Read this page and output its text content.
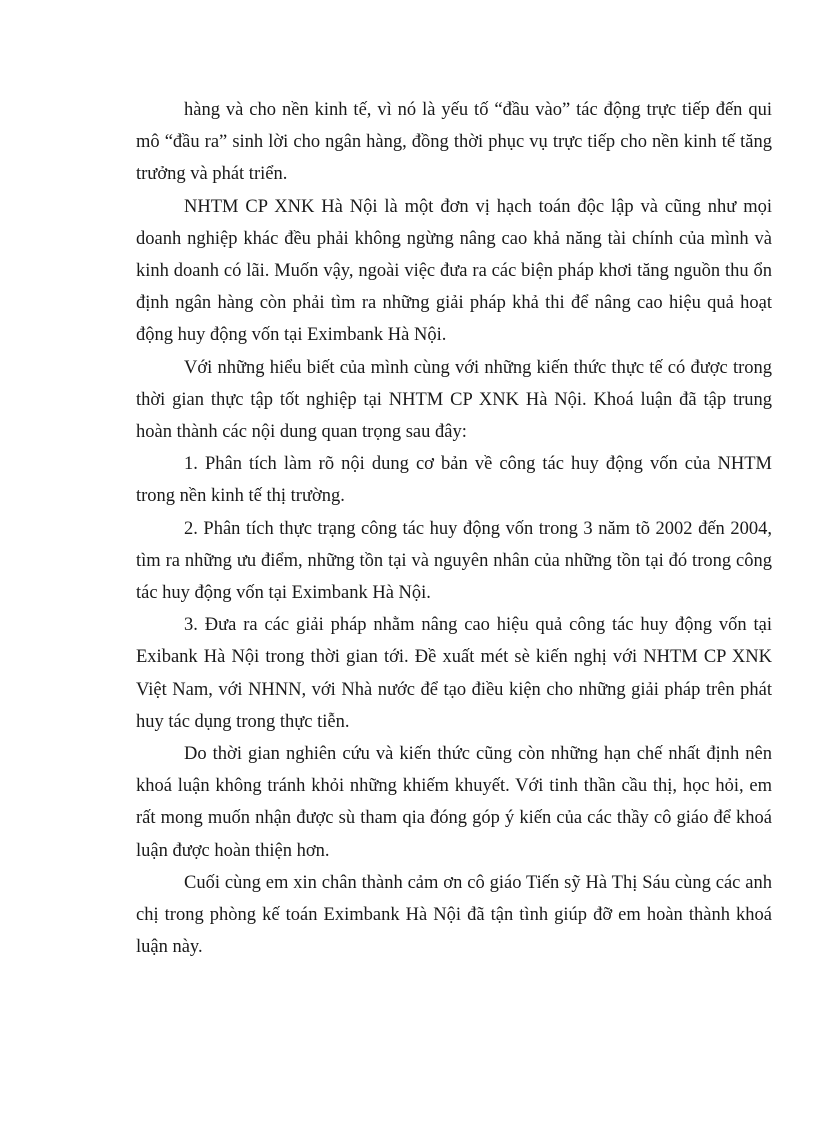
hàng và cho nền kinh tế, vì nó là yếu tố “đầu vào” tác động trực tiếp đến qui mô “đầu ra” sinh lời cho ngân hàng, đồng thời phục vụ trực tiếp cho nền kinh tế tăng trưởng và phát triển.

NHTM CP XNK Hà Nội là một đơn vị hạch toán độc lập và cũng như mọi doanh nghiệp khác đều phải không ngừng nâng cao khả năng tài chính của mình và kinh doanh có lãi. Muốn vậy, ngoài việc đưa ra các biện pháp khơi tăng nguồn thu ổn định ngân hàng còn phải tìm ra những giải pháp khả thi để nâng cao hiệu quả hoạt động huy động vốn tại Eximbank Hà Nội.

Với những hiểu biết của mình cùng với những kiến thức thực tế có được trong thời gian thực tập tốt nghiệp tại NHTM CP XNK Hà Nội. Khoá luận đã tập trung hoàn thành các nội dung quan trọng sau đây:

1. Phân tích làm rõ nội dung cơ bản về công tác huy động vốn của NHTM trong nền kinh tế thị trường.

2. Phân tích thực trạng công tác huy động vốn trong 3 năm tõ 2002 đến 2004, tìm ra những ưu điểm, những tồn tại và nguyên nhân của những tồn tại đó trong công tác huy động vốn tại Eximbank Hà Nội.

3. Đưa ra các giải pháp nhằm nâng cao hiệu quả công tác huy động vốn tại Exibank Hà Nội trong thời gian tới. Đề xuất mét sè kiến nghị với NHTM CP XNK Việt Nam, với NHNN, với Nhà nước để tạo điều kiện cho những giải pháp trên phát huy tác dụng trong thực tiễn.

Do thời gian nghiên cứu và kiến thức cũng còn những hạn chế nhất định nên khoá luận không tránh khỏi những khiếm khuyết. Với tinh thần cầu thị, học hỏi, em rất mong muốn nhận được sù tham qia đóng góp ý kiến của các thầy cô giáo để khoá luận được hoàn thiện hơn.

Cuối cùng em xin chân thành cảm ơn cô giáo Tiến sỹ Hà Thị Sáu cùng các anh chị trong phòng kế toán Eximbank Hà Nội đã tận tình giúp đỡ em hoàn thành khoá luận này.
